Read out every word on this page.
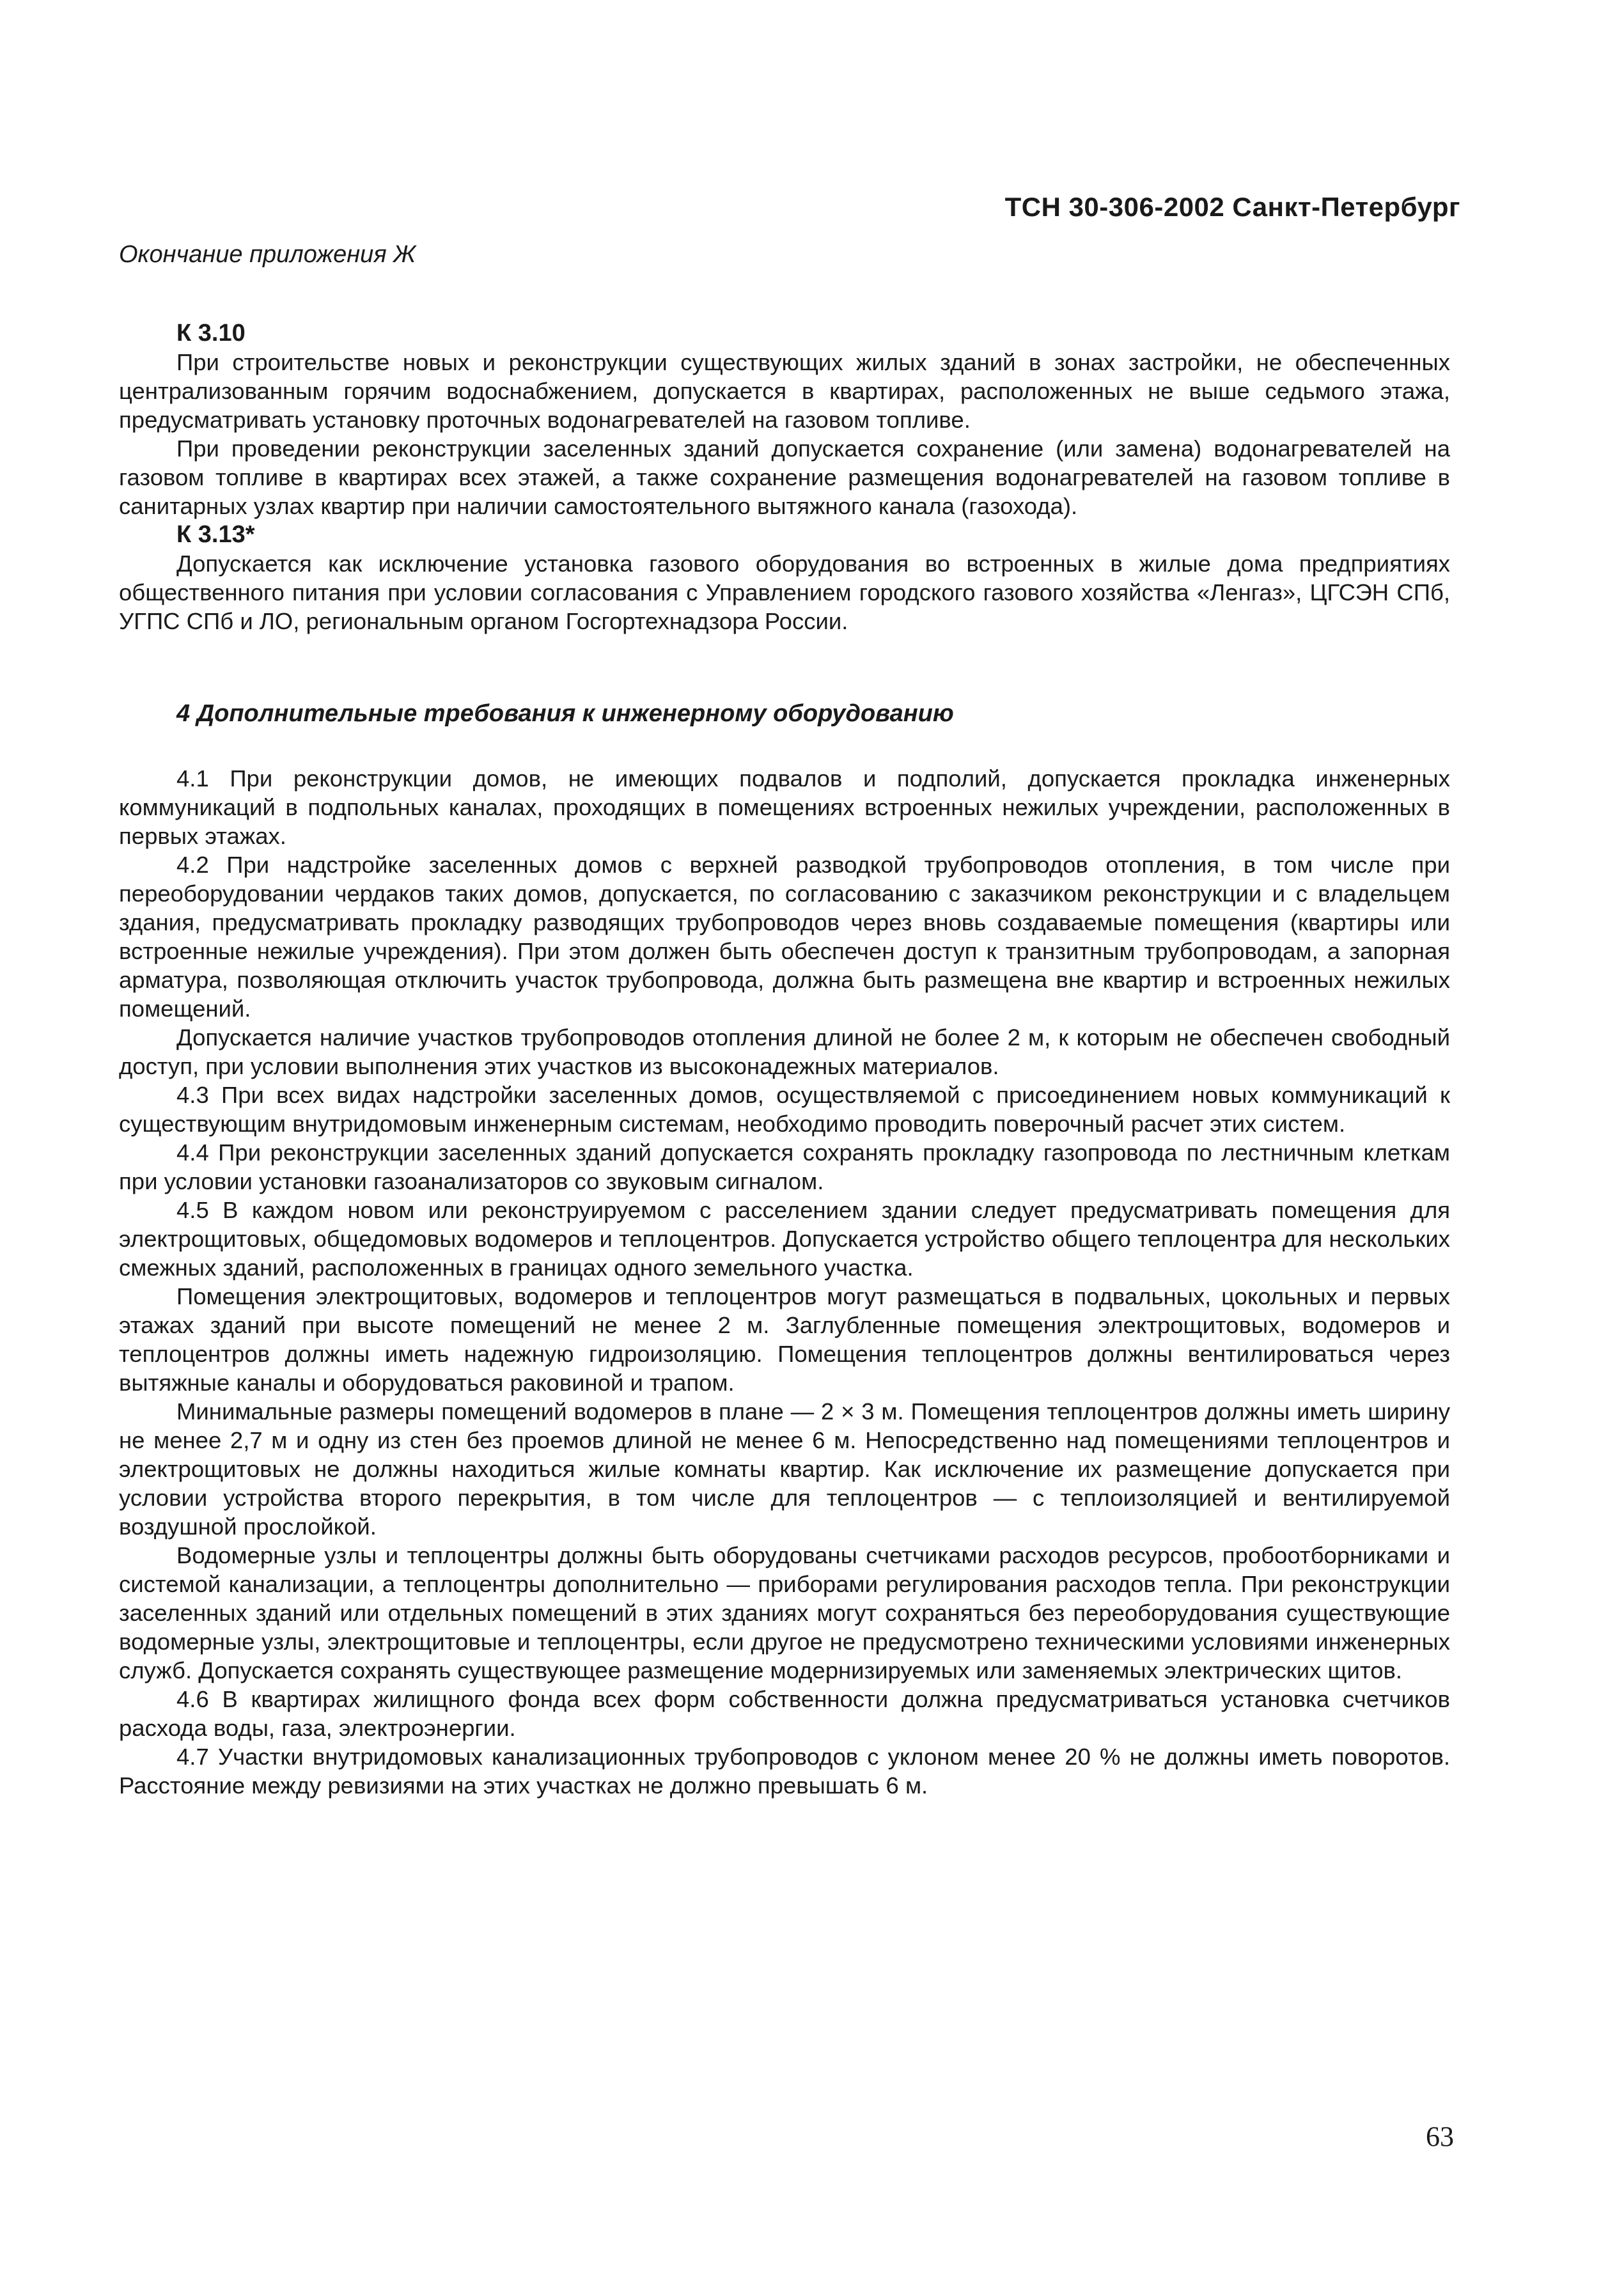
ТСН 30-306-2002 Санкт-Петербург
Окончание приложения Ж
К 3.10

При строительстве новых и реконструкции существующих жилых зданий в зонах застройки, не обеспеченных централизованным горячим водоснабжением, допускается в квартирах, расположенных не выше седьмого этажа, предусматривать установку проточных водонагревателей на газовом топливе.

При проведении реконструкции заселенных зданий допускается сохранение (или замена) водонагревателей на газовом топливе в квартирах всех этажей, а также сохранение размещения водонагревателей на газовом топливе в санитарных узлах квартир при наличии самостоятельного вытяжного канала (газохода).

К 3.13*

Допускается как исключение установка газового оборудования во встроенных в жилые дома предприятиях общественного питания при условии согласования с Управлением городского газового хозяйства «Ленгаз», ЦГСЭН СПб, УГПС СПб и ЛО, региональным органом Госгортехнадзора России.

4 Дополнительные требования к инженерному оборудованию

4.1 При реконструкции домов, не имеющих подвалов и подполий, допускается прокладка инженерных коммуникаций в подпольных каналах, проходящих в помещениях встроенных нежилых учреждении, расположенных в первых этажах.

4.2 При надстройке заселенных домов с верхней разводкой трубопроводов отопления, в том числе при переоборудовании чердаков таких домов, допускается, по согласованию с заказчиком реконструкции и с владельцем здания, предусматривать прокладку разводящих трубопроводов через вновь создаваемые помещения (квартиры или встроенные нежилые учреждения). При этом должен быть обеспечен доступ к транзитным трубопроводам, а запорная арматура, позволяющая отключить участок трубопровода, должна быть размещена вне квартир и встроенных нежилых помещений.

Допускается наличие участков трубопроводов отопления длиной не более 2 м, к которым не обеспечен свободный доступ, при условии выполнения этих участков из высоконадежных материалов.

4.3 При всех видах надстройки заселенных домов, осуществляемой с присоединением новых коммуникаций к существующим внутридомовым инженерным системам, необходимо проводить поверочный расчет этих систем.

4.4 При реконструкции заселенных зданий допускается сохранять прокладку газопровода по лестничным клеткам при условии установки газоанализаторов со звуковым сигналом.

4.5 В каждом новом или реконструируемом с расселением здании следует предусматривать помещения для электрощитовых, общедомовых водомеров и теплоцентров. Допускается устройство общего теплоцентра для нескольких смежных зданий, расположенных в границах одного земельного участка.

Помещения электрощитовых, водомеров и теплоцентров могут размещаться в подвальных, цокольных и первых этажах зданий при высоте помещений не менее 2 м. Заглубленные помещения электрощитовых, водомеров и теплоцентров должны иметь надежную гидроизоляцию. Помещения теплоцентров должны вентилироваться через вытяжные каналы и оборудоваться раковиной и трапом.

Минимальные размеры помещений водомеров в плане — 2 × 3 м. Помещения теплоцентров должны иметь ширину не менее 2,7 м и одну из стен без проемов длиной не менее 6 м. Непосредственно над помещениями теплоцентров и электрощитовых не должны находиться жилые комнаты квартир. Как исключение их размещение допускается при условии устройства второго перекрытия, в том числе для теплоцентров — с теплоизоляцией и вентилируемой воздушной прослойкой.

Водомерные узлы и теплоцентры должны быть оборудованы счетчиками расходов ресурсов, пробоотборниками и системой канализации, а теплоцентры дополнительно — приборами регулирования расходов тепла. При реконструкции заселенных зданий или отдельных помещений в этих зданиях могут сохраняться без переоборудования существующие водомерные узлы, электрощитовые и теплоцентры, если другое не предусмотрено техническими условиями инженерных служб. Допускается сохранять существующее размещение модернизируемых или заменяемых электрических щитов.

4.6 В квартирах жилищного фонда всех форм собственности должна предусматриваться установка счетчиков расхода воды, газа, электроэнергии.

4.7 Участки внутридомовых канализационных трубопроводов с уклоном менее 20 % не должны иметь поворотов. Расстояние между ревизиями на этих участках не должно превышать 6 м.

63
